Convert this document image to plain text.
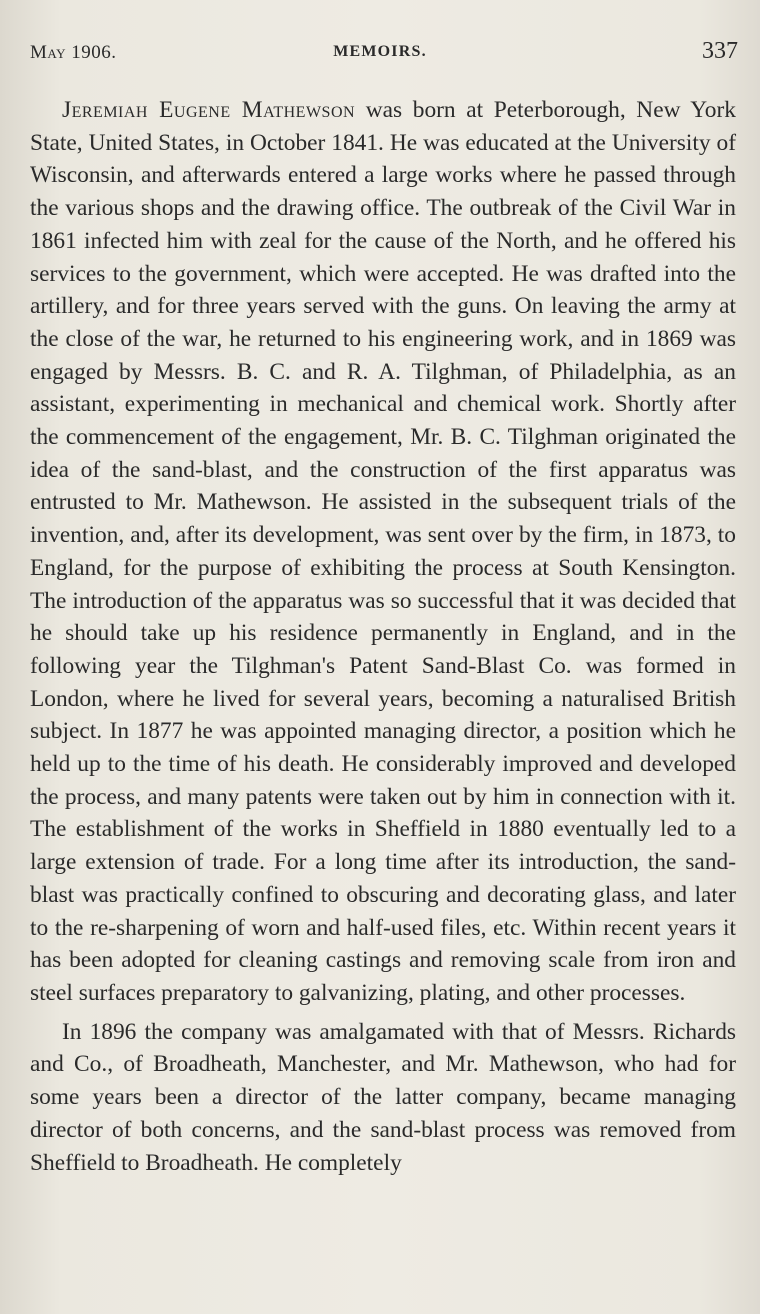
May 1906.	MEMOIRS.	337

Jeremiah Eugene Mathewson was born at Peterborough, New York State, United States, in October 1841. He was educated at the University of Wisconsin, and afterwards entered a large works where he passed through the various shops and the drawing office. The outbreak of the Civil War in 1861 infected him with zeal for the cause of the North, and he offered his services to the government, which were accepted. He was drafted into the artillery, and for three years served with the guns. On leaving the army at the close of the war, he returned to his engineering work, and in 1869 was engaged by Messrs. B. C. and R. A. Tilghman, of Philadelphia, as an assistant, experimenting in mechanical and chemical work. Shortly after the commencement of the engagement, Mr. B. C. Tilghman originated the idea of the sand-blast, and the construction of the first apparatus was entrusted to Mr. Mathewson. He assisted in the subsequent trials of the invention, and, after its development, was sent over by the firm, in 1873, to England, for the purpose of exhibiting the process at South Kensington. The introduction of the apparatus was so successful that it was decided that he should take up his residence permanently in England, and in the following year the Tilghman's Patent Sand-Blast Co. was formed in London, where he lived for several years, becoming a naturalised British subject. In 1877 he was appointed managing director, a position which he held up to the time of his death. He considerably improved and developed the process, and many patents were taken out by him in connection with it. The establishment of the works in Sheffield in 1880 eventually led to a large extension of trade. For a long time after its introduction, the sand-blast was practically confined to obscuring and decorating glass, and later to the re-sharpening of worn and half-used files, etc. Within recent years it has been adopted for cleaning castings and removing scale from iron and steel surfaces preparatory to galvanizing, plating, and other processes.

In 1896 the company was amalgamated with that of Messrs. Richards and Co., of Broadheath, Manchester, and Mr. Mathewson, who had for some years been a director of the latter company, became managing director of both concerns, and the sand-blast process was removed from Sheffield to Broadheath. He completely
